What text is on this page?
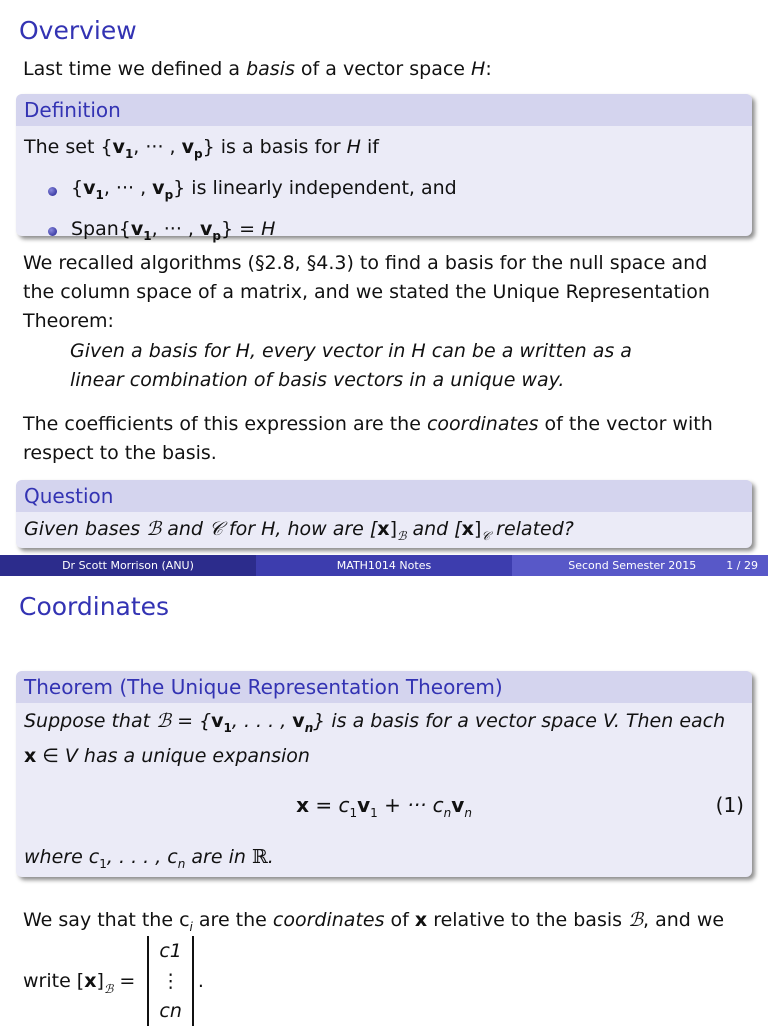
Overview

Last time we defined a basis of a vector space H:

Definition
The set {$v_1$, ··· , $v_p$} is a basis for H if
{$v_1$, ··· , $v_p$} is linearly independent, and
$Span\{v_1$, ··· , $v_p\} = H$

We recalled algorithms (§2.8, §4.3) to find a basis for the null space and the column space of a matrix, and we stated the Unique Representation Theorem:

Given a basis for H, every vector in H can be a written as a

linear combination of basis vectors in a unique way.

The coefficients of this expression are the coordinates of the vector with respect to the basis.

Question
Given bases ℬ and 𝒞 for H, how are $[x]_ℬ$ and $[x]_𝒞$ related?
Dr Scott Morrison (ANU)	MATH1014 Notes	Second Semester 2015	1 / 29
Coordinates
Theorem (The Unique Representation Theorem)
Suppose that ℬ = {$v_1$, . . . , $v_n$} is a basis for a vector space V. Then each
x ∈ V has a unique expansion
$x = c_1v_1$ + ··· $c_nv_n$	(1)
where $c_1$, . . . , $c_n$ are in ℝ.

We say that the $c_i$ are the coordinates of x relative to the basis ℬ, and we

write [ x ]$_ℬ$ =
c1
⋮
cn
.
